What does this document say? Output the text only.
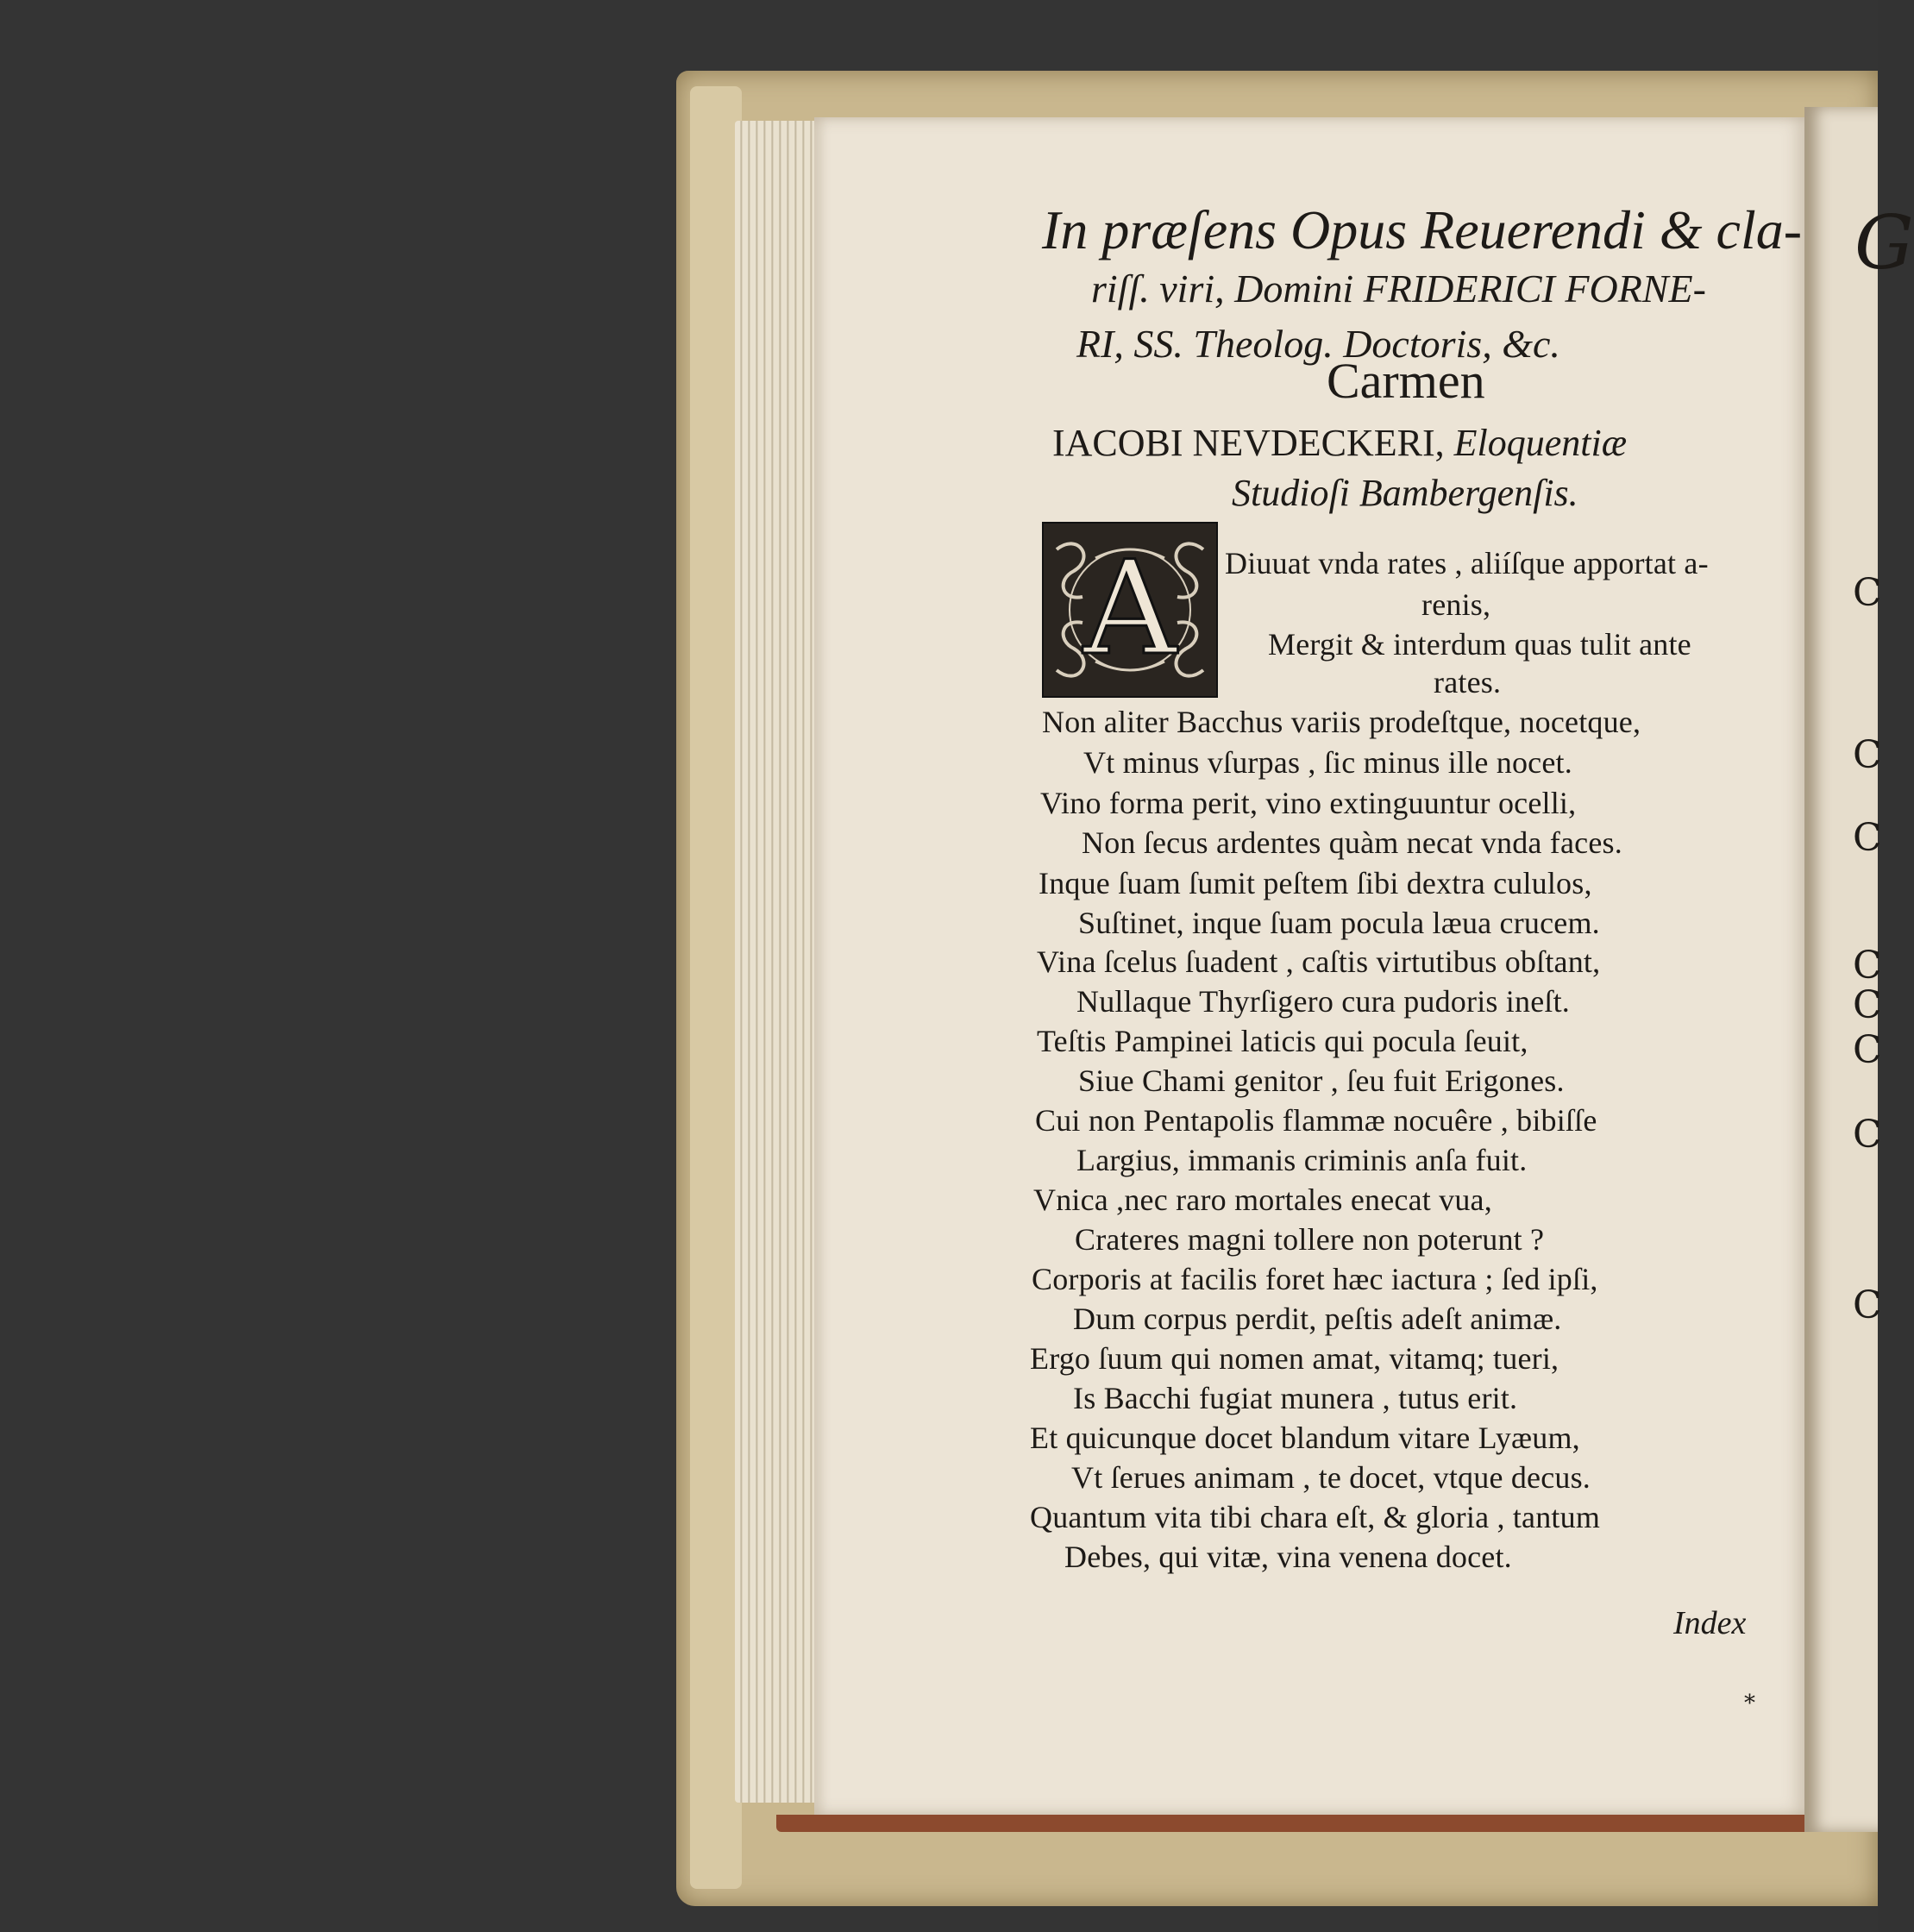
G
C
C
C
C
C
C
C
C
In præſens Opus Reuerendi & cla-
riſſ. viri, Domini FRIDERICI FORNE-
RI, SS. Theolog. Doctoris, &c.
Carmen
IACOBI NEVDECKERI, Eloquentiæ
Studioſi Bambergenſis.
A Diuuat vnda rates , aliíſque apportat a-
renis,
Mergit & interdum quas tulit ante
rates.
Non aliter Bacchus variis prodeſtque, nocetque,
Vt minus vſurpas , ſic minus ille nocet.
Vino forma perit, vino extinguuntur ocelli,
Non ſecus ardentes quàm necat vnda faces.
Inque ſuam ſumit peſtem ſibi dextra cululos,
Suſtinet, inque ſuam pocula læua crucem.
Vina ſcelus ſuadent , caſtis virtutibus obſtant,
Nullaque Thyrſigero cura pudoris ineſt.
Teſtis Pampinei laticis qui pocula ſeuit,
Siue Chami genitor , ſeu fuit Erigones.
Cui non Pentapolis flammæ nocuêre , bibiſſe
Largius, immanis criminis anſa fuit.
Vnica ,nec raro mortales enecat vua,
Crateres magni tollere non poterunt ?
Corporis at facilis foret hæc iactura ; ſed ipſi,
Dum corpus perdit, peſtis adeſt animæ.
Ergo ſuum qui nomen amat, vitamq; tueri,
Is Bacchi fugiat munera , tutus erit.
Et quicunque docet blandum vitare Lyæum,
Vt ſerues animam , te docet, vtque decus.
Quantum vita tibi chara eſt, & gloria , tantum
Debes, qui vitæ, vina venena docet.
Index
*
